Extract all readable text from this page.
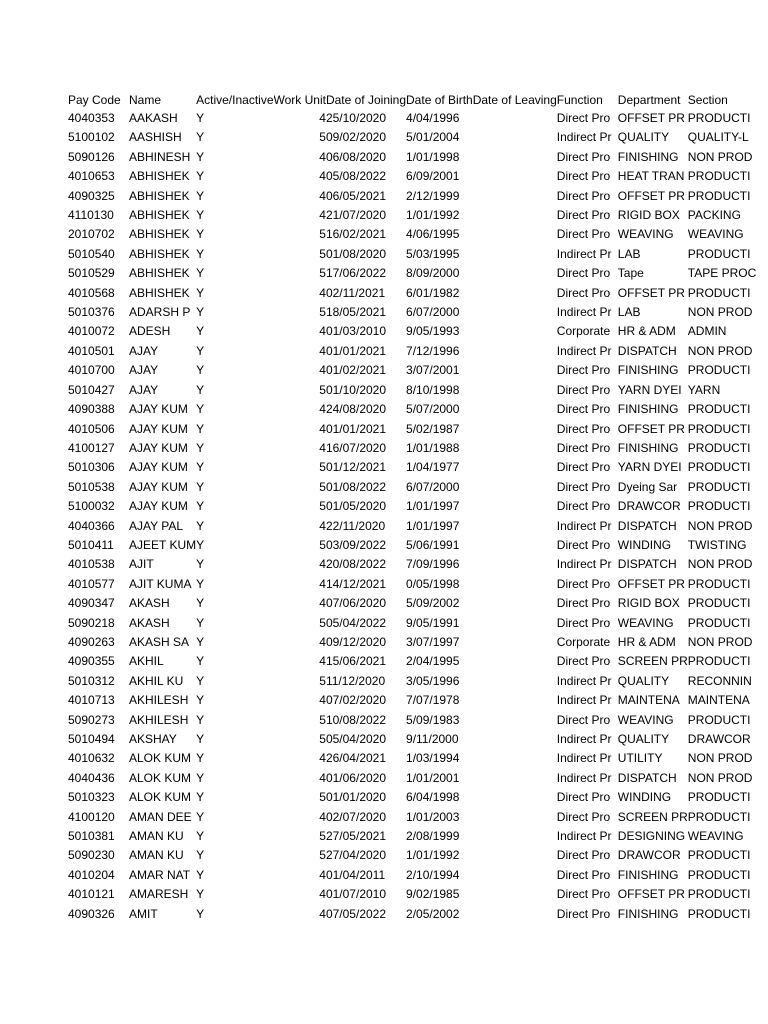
Pay Code	Name	Active/Inactive	Work Unit	Date of Joining	Date of Birth	Date of Leaving	Function	Department	Section
4040353	AAKASH	Y	4	25/10/2020	4/04/1996		Direct Pro	OFFSET PR	PRODUCTI
5100102	AASHISH	Y	5	09/02/2020	5/01/2004		Indirect Pr	QUALITY	QUALITY-L
5090126	ABHINESH	Y	4	06/08/2020	1/01/1998		Direct Pro	FINISHING	NON PROD
4010653	ABHISHEK	Y	4	05/08/2022	6/09/2001		Direct Pro	HEAT TRAN	PRODUCTI
4090325	ABHISHEK	Y	4	06/05/2021	2/12/1999		Direct Pro	OFFSET PR	PRODUCTI
4110130	ABHISHEK	Y	4	21/07/2020	1/01/1992		Direct Pro	RIGID BOX	PACKING
2010702	ABHISHEK	Y	5	16/02/2021	4/06/1995		Direct Pro	WEAVING	WEAVING
5010540	ABHISHEK	Y	5	01/08/2020	5/03/1995		Indirect Pr	LAB	PRODUCTI
5010529	ABHISHEK	Y	5	17/06/2022	8/09/2000		Direct Pro	Tape	TAPE PROC
4010568	ABHISHEK	Y	4	02/11/2021	6/01/1982		Direct Pro	OFFSET PR	PRODUCTI
5010376	ADARSH P	Y	5	18/05/2021	6/07/2000		Indirect Pr	LAB	NON PROD
4010072	ADESH	Y	4	01/03/2010	9/05/1993		Corporate	HR & ADM	ADMIN
4010501	AJAY	Y	4	01/01/2021	7/12/1996		Indirect Pr	DISPATCH	NON PROD
4010700	AJAY	Y	4	01/02/2021	3/07/2001		Direct Pro	FINISHING	PRODUCTI
5010427	AJAY	Y	5	01/10/2020	8/10/1998		Direct Pro	YARN DYEI	YARN
4090388	AJAY KUM	Y	4	24/08/2020	5/07/2000		Direct Pro	FINISHING	PRODUCTI
4010506	AJAY KUM	Y	4	01/01/2021	5/02/1987		Direct Pro	OFFSET PR	PRODUCTI
4100127	AJAY KUM	Y	4	16/07/2020	1/01/1988		Direct Pro	FINISHING	PRODUCTI
5010306	AJAY KUM	Y	5	01/12/2021	1/04/1977		Direct Pro	YARN DYEI	PRODUCTI
5010538	AJAY KUM	Y	5	01/08/2022	6/07/2000		Direct Pro	Dyeing Sar	PRODUCTI
5100032	AJAY KUM	Y	5	01/05/2020	1/01/1997		Direct Pro	DRAWCOR	PRODUCTI
4040366	AJAY PAL	Y	4	22/11/2020	1/01/1997		Indirect Pr	DISPATCH	NON PROD
5010411	AJEET KUM	Y	5	03/09/2022	5/06/1991		Direct Pro	WINDING	TWISTING
4010538	AJIT	Y	4	20/08/2022	7/09/1996		Indirect Pr	DISPATCH	NON PROD
4010577	AJIT KUMA	Y	4	14/12/2021	0/05/1998		Direct Pro	OFFSET PR	PRODUCTI
4090347	AKASH	Y	4	07/06/2020	5/09/2002		Direct Pro	RIGID BOX	PRODUCTI
5090218	AKASH	Y	5	05/04/2022	9/05/1991		Direct Pro	WEAVING	PRODUCTI
4090263	AKASH SA	Y	4	09/12/2020	3/07/1997		Corporate	HR & ADM	NON PROD
4090355	AKHIL	Y	4	15/06/2021	2/04/1995		Direct Pro	SCREEN PR	PRODUCTI
5010312	AKHIL KU	Y	5	11/12/2020	3/05/1996		Indirect Pr	QUALITY	RECONNIN
4010713	AKHILESH	Y	4	07/02/2020	7/07/1978		Indirect Pr	MAINTENA	MAINTENA
5090273	AKHILESH	Y	5	10/08/2022	5/09/1983		Direct Pro	WEAVING	PRODUCTI
5010494	AKSHAY	Y	5	05/04/2020	9/11/2000		Indirect Pr	QUALITY	DRAWCOR
4010632	ALOK KUM	Y	4	26/04/2021	1/03/1994		Indirect Pr	UTILITY	NON PROD
4040436	ALOK KUM	Y	4	01/06/2020	1/01/2001		Indirect Pr	DISPATCH	NON PROD
5010323	ALOK KUM	Y	5	01/01/2020	6/04/1998		Direct Pro	WINDING	PRODUCTI
4100120	AMAN DEE	Y	4	02/07/2020	1/01/2003		Direct Pro	SCREEN PR	PRODUCTI
5010381	AMAN KU	Y	5	27/05/2021	2/08/1999		Indirect Pr	DESIGNING	WEAVING
5090230	AMAN KU	Y	5	27/04/2020	1/01/1992		Direct Pro	DRAWCOR	PRODUCTI
4010204	AMAR NAT	Y	4	01/04/2011	2/10/1994		Direct Pro	FINISHING	PRODUCTI
4010121	AMARESH	Y	4	01/07/2010	9/02/1985		Direct Pro	OFFSET PR	PRODUCTI
4090326	AMIT	Y	4	07/05/2022	2/05/2002		Direct Pro	FINISHING	PRODUCTI
